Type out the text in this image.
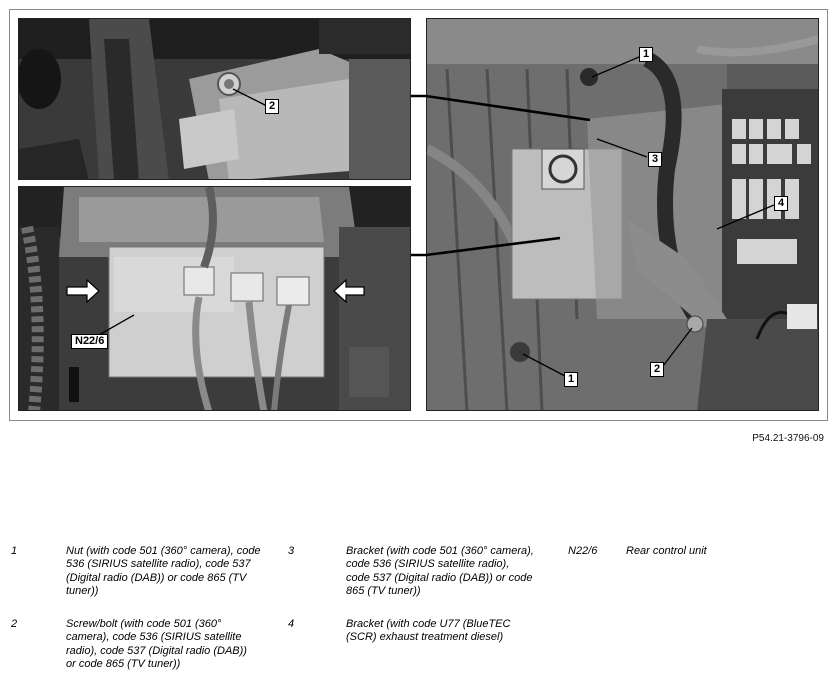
2
N22/6
1
3
4
1
2
P54.21-3796-09
1	Nut (with code 501 (360° camera), code 536 (SIRIUS satellite radio), code 537 (Digital radio (DAB)) or code 865 (TV tuner))
2	Screw/bolt (with code 501 (360° camera), code 536 (SIRIUS satellite radio), code 537 (Digital radio (DAB)) or code 865 (TV tuner))
3	Bracket (with code 501 (360° camera), code 536 (SIRIUS satellite radio), code 537 (Digital radio (DAB)) or code 865 (TV tuner))
4	Bracket (with code U77 (BlueTEC (SCR) exhaust treatment diesel)
N22/6	Rear control unit
